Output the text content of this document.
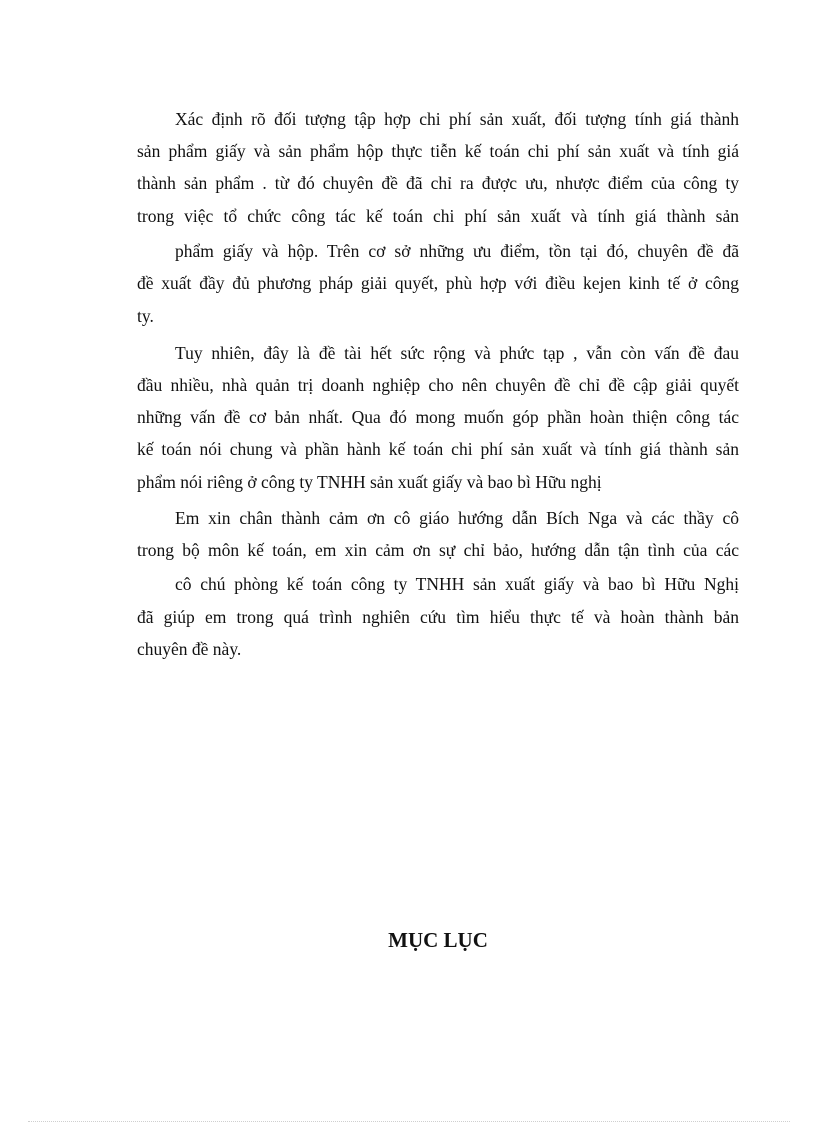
Xác định rõ đối tượng tập hợp chi phí sản xuất, đối tượng tính giá thành
sản phẩm giấy và sản phẩm hộp thực tiễn kế toán chi phí sản xuất và tính giá
thành sản phẩm . từ đó chuyên đề đã chỉ ra được ưu, nhược điểm của công ty
trong việc tổ chức công tác kế toán chi phí sản xuất và tính giá thành sản
phẩm giấy và hộp. Trên cơ sở những ưu điểm, tồn tại đó, chuyên đề đã
đề xuất đầy đủ phương pháp giải quyết, phù hợp với điều kejen kinh tế ở công
ty.
Tuy nhiên, đây là đề tài hết sức rộng và phức tạp , vẫn còn vấn đề đau
đầu nhiều, nhà quản trị doanh nghiệp cho nên chuyên đề chỉ đề cập giải quyết
những vấn đề cơ bản nhất. Qua đó mong muốn góp phần hoàn thiện công tác
kế toán nói chung và phần hành kế toán chi phí sản xuất và tính giá thành sản
phẩm nói riêng ở công ty TNHH sản xuất giấy và bao bì Hữu nghị
Em xin chân thành cảm ơn cô giáo hướng dẫn Bích Nga và các thầy cô
trong bộ môn kế toán, em xin cảm ơn sự chỉ bảo, hướng dẫn tận tình của các
cô chú phòng kế toán công ty TNHH sản xuất giấy và bao bì Hữu Nghị
đã giúp em trong quá trình nghiên cứu tìm hiểu thực tế và hoàn thành bản
chuyên đề này.
MỤC LỤC
